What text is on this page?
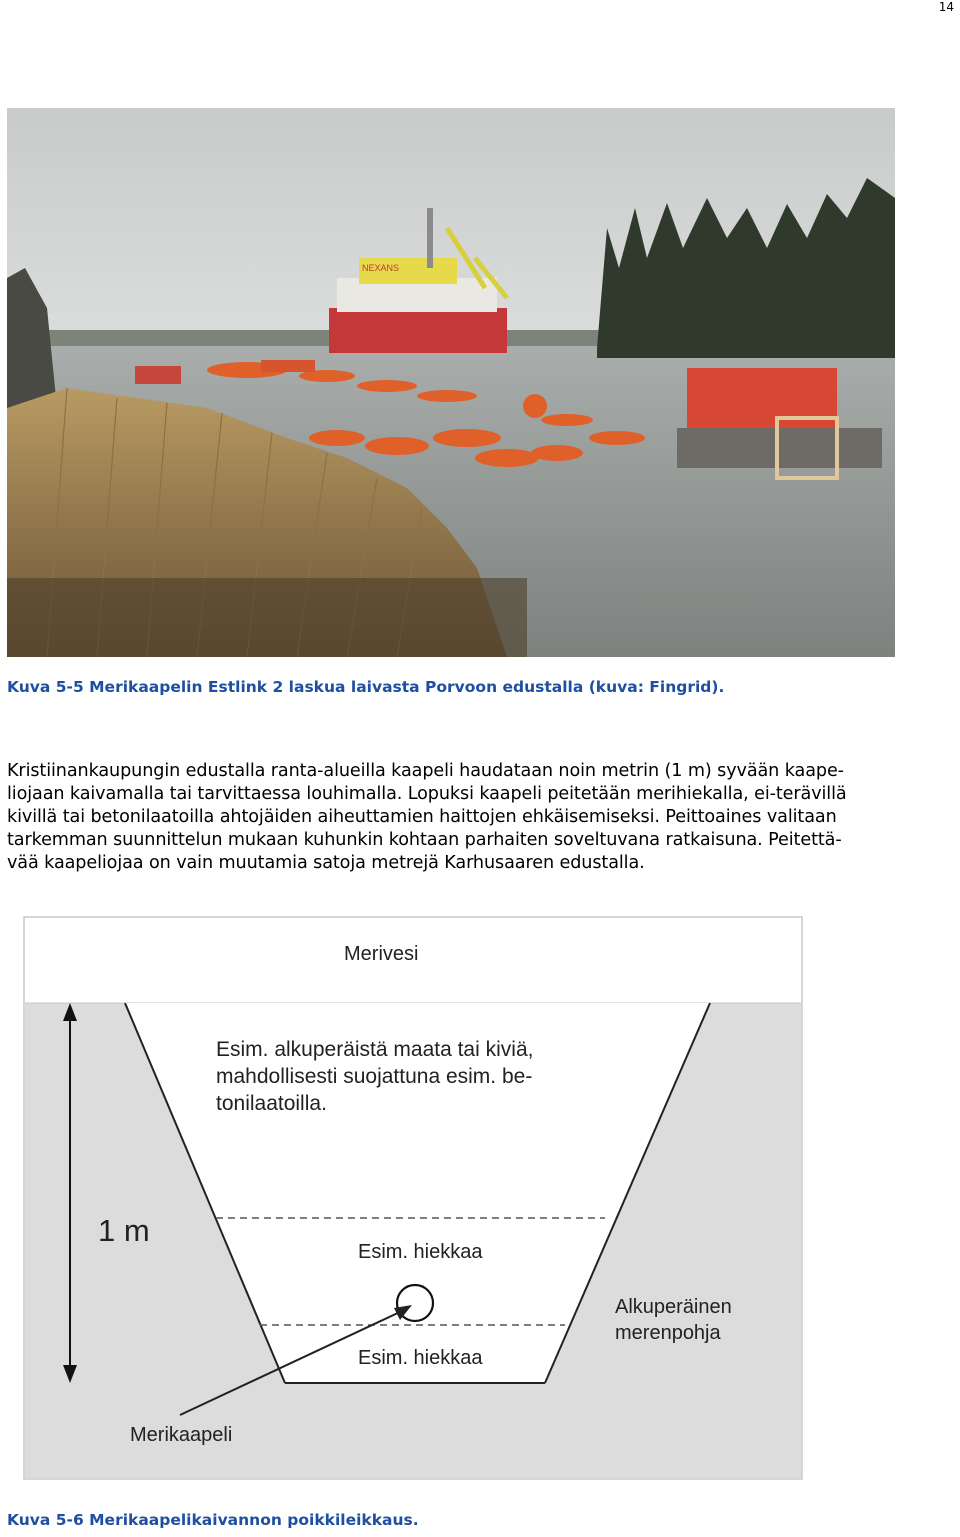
14
NEXANS
Kuva 5-5 Merikaapelin Estlink 2 laskua laivasta Porvoon edustalla (kuva: Fingrid).

Kristiinankaupungin edustalla ranta-alueilla kaapeli haudataan noin metrin (1 m) syvään kaape-
liojaan kaivamalla tai tarvittaessa louhimalla. Lopuksi kaapeli peitetään merihiekalla, ei-terävillä
kivillä tai betonilaatoilla ahtojäiden aiheuttamien haittojen ehkäisemiseksi. Peittoaines valitaan
tarkemman suunnittelun mukaan kuhunkin kohtaan parhaiten soveltuvana ratkaisuna. Peitettä-
vää kaapeliojaa on vain muutamia satoja metrejä Karhusaaren edustalla.

Merivesi
Esim. alkuperäistä maata tai kiviä,
mahdollisesti suojattuna esim. be-
tonilaatoilla.
1 m
Esim. hiekkaa
Esim. hiekkaa
Alkuperäinen
merenpohja
Merikaapeli
Kuva 5-6 Merikaapelikaivannon poikkileikkaus.
